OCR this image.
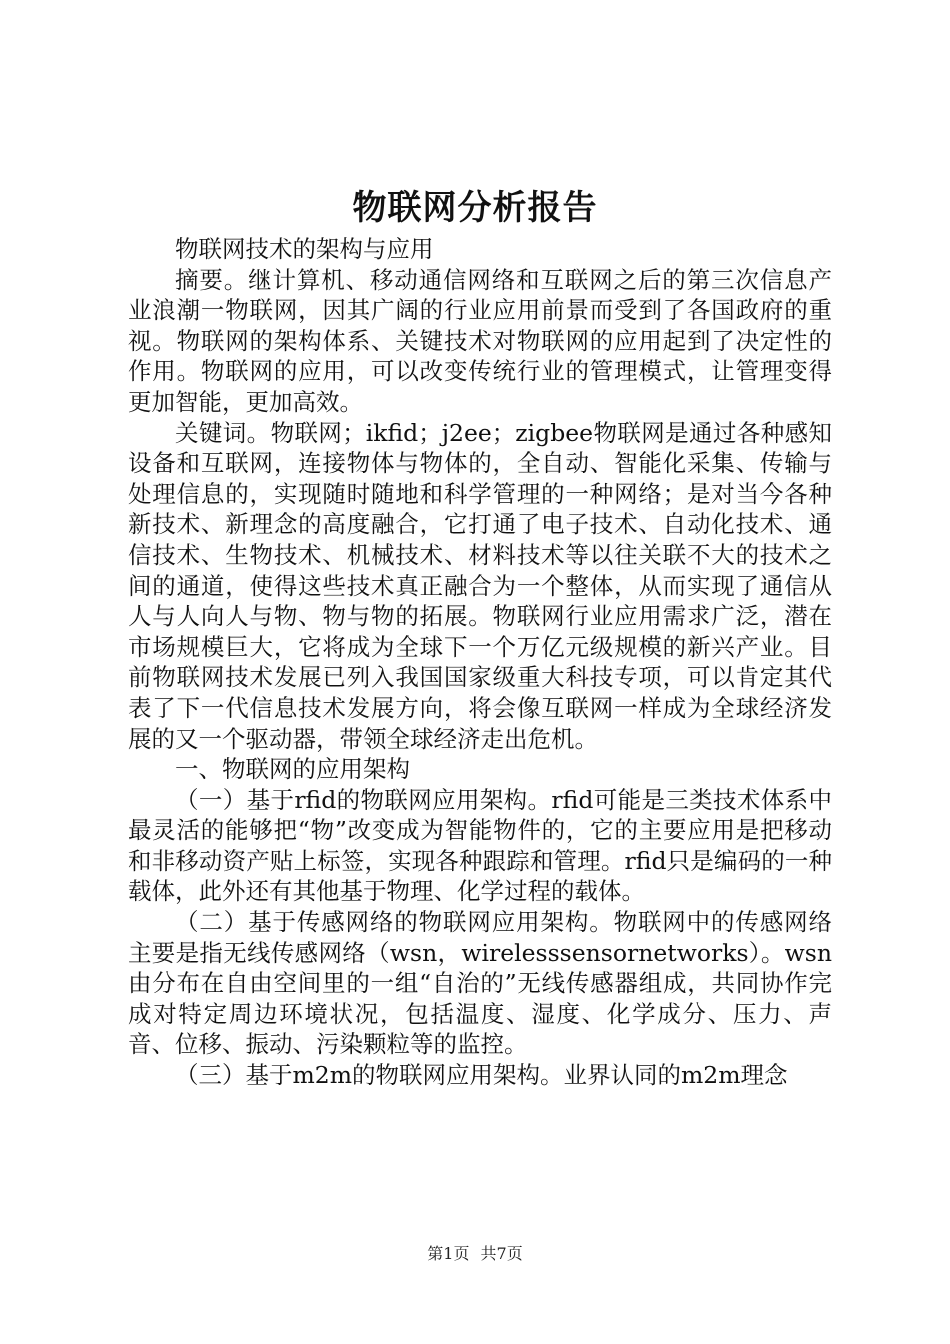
物联网分析报告

物联网技术的架构与应用

摘要。继计算机、移动通信网络和互联网之后的第三次信息产业浪潮一物联网，因其广阔的行业应用前景而受到了各国政府的重视。物联网的架构体系、关键技术对物联网的应用起到了决定性的作用。物联网的应用，可以改变传统行业的管理模式，让管理变得更加智能，更加高效。

关键词。物联网；ikfid；j2ee；zigbee物联网是通过各种感知设备和互联网，连接物体与物体的，全自动、智能化采集、传输与处理信息的，实现随时随地和科学管理的一种网络；是对当今各种新技术、新理念的高度融合，它打通了电子技术、自动化技术、通信技术、生物技术、机械技术、材料技术等以往关联不大的技术之间的通道，使得这些技术真正融合为一个整体，从而实现了通信从人与人向人与物、物与物的拓展。物联网行业应用需求广泛，潜在市场规模巨大，它将成为全球下一个万亿元级规模的新兴产业。目前物联网技术发展已列入我国国家级重大科技专项，可以肯定其代表了下一代信息技术发展方向，将会像互联网一样成为全球经济发展的又一个驱动器，带领全球经济走出危机。

一、物联网的应用架构

（一）基于rfid的物联网应用架构。rfid可能是三类技术体系中最灵活的能够把“物”改变成为智能物件的，它的主要应用是把移动和非移动资产贴上标签，实现各种跟踪和管理。rfid只是编码的一种载体，此外还有其他基于物理、化学过程的载体。

（二）基于传感网络的物联网应用架构。物联网中的传感网络主要是指无线传感网络（wsn，wirelesssensornetworks）。wsn由分布在自由空间里的一组“自治的”无线传感器组成，共同协作完成对特定周边环境状况，包括温度、湿度、化学成分、压力、声音、位移、振动、污染颗粒等的监控。

（三）基于m2m的物联网应用架构。业界认同的m2m理念

第1页 共7页
